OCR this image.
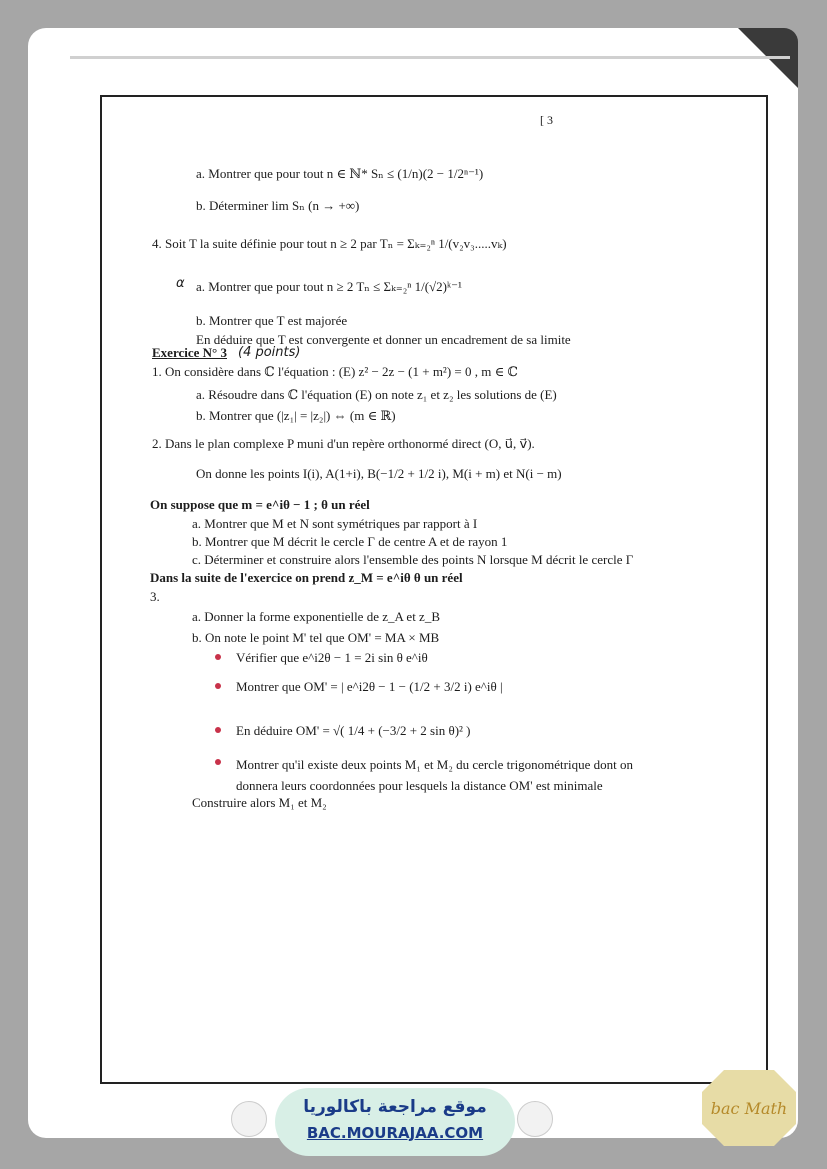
[ 3
a. Montrer que pour tout n ∈ ℕ* Sₙ ≤ (1/n)(2 − 1/2ⁿ⁻¹)
b. Déterminer lim Sₙ (n → +∞)
4. Soit T la suite définie pour tout n ≥ 2 par Tₙ = Σₖ₌₂ⁿ 1/(v₂v₃.....vₖ)
α a. Montrer que pour tout n ≥ 2 Tₙ ≤ Σₖ₌₂ⁿ 1/(√2)ᵏ⁻¹
b. Montrer que T est majorée
En déduire que T est convergente et donner un encadrement de sa limite
Exercice N° 3 (4 points)
1. On considère dans ℂ l'équation : (E) z² − 2z − (1 + m²) = 0 , m ∈ ℂ
a. Résoudre dans ℂ l'équation (E) on note z₁ et z₂ les solutions de (E)
b. Montrer que (|z₁| = |z₂|) ⇔ (m ∈ ℝ)
2. Dans le plan complexe P muni d'un repère orthonormé direct (O, u⃗, v⃗).
On donne les points I(i), A(1+i), B(−1/2 + 1/2 i), M(i + m) et N(i − m)
On suppose que m = e^iθ − 1 ; θ un réel
a. Montrer que M et N sont symétriques par rapport à I
b. Montrer que M décrit le cercle Γ de centre A et de rayon 1
c. Déterminer et construire alors l'ensemble des points N lorsque M décrit le cercle Γ
Dans la suite de l'exercice on prend z_M = e^iθ θ un réel
3.
a. Donner la forme exponentielle de z_A et z_B
b. On note le point M' tel que OM' = MA × MB
Vérifier que e^i2θ − 1 = 2i sin θ e^iθ
Montrer que OM' = | e^i2θ − 1 − (1/2 + 3/2 i) e^iθ |
En déduire OM' = √( 1/4 + (−3/2 + 2 sin θ)² )
Montrer qu'il existe deux points M₁ et M₂ du cercle trigonométrique dont on
donnera leurs coordonnées pour lesquels la distance OM' est minimale
Construire alors M₁ et M₂
موقع مراجعة باكالوريا
BAC.MOURAJAA.COM
bac Math
